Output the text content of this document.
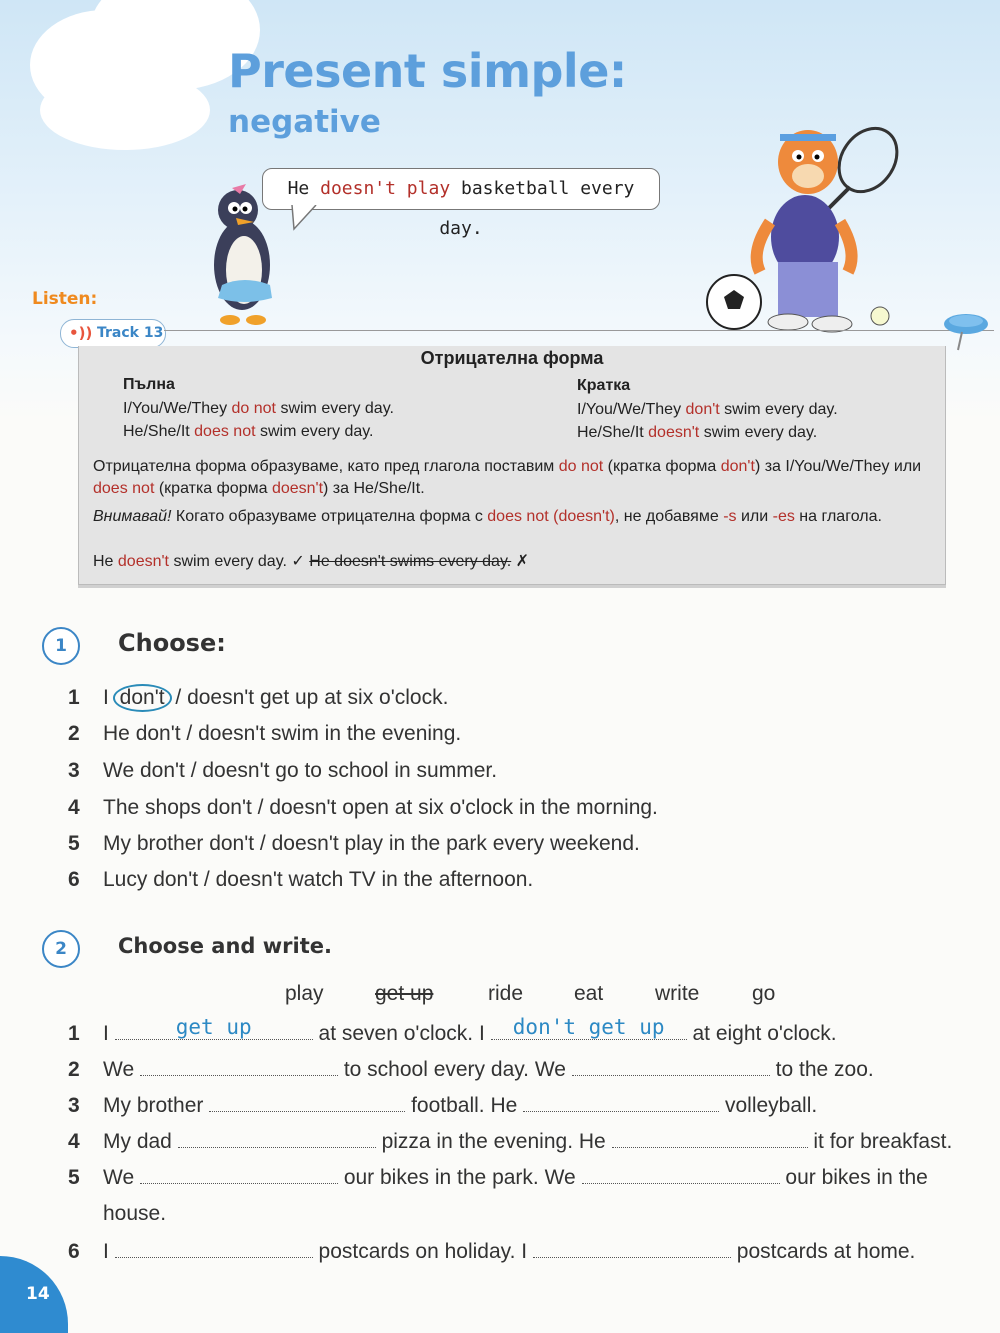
Present simple:
negative
He doesn't play basketball every day.
Listen:
•)) Track 13
Отрицателна форма
Пълна
I/You/We/They do not swim every day.
He/She/It does not swim every day.
Кратка
I/You/We/They don't swim every day.
He/She/It doesn't swim every day.
Отрицателна форма образуваме, като пред глагола поставим do not (кратка форма don't) за I/You/We/They или does not (кратка форма doesn't) за He/She/It.
Внимавай! Когато образуваме отрицателна форма с does not (doesn't), не добавяме -s или -es на глагола.
He doesn't swim every day. ✓ He doesn't swims every day. ✗
1	Choose:
1 I don't / doesn't get up at six o'clock.
2 He don't / doesn't swim in the evening.
3 We don't / doesn't go to school in summer.
4 The shops don't / doesn't open at six o'clock in the morning.
5 My brother don't / doesn't play in the park every weekend.
6 Lucy don't / doesn't watch TV in the afternoon.
2	Choose and write.
play get up	ride eat write	go
1 I	get up	at seven o'clock. I	don't get up	at eight o'clock.
2 We	to school every day. We	to the zoo.
3 My brother	football. He	volleyball.
4 My dad	pizza in the evening. He	it for breakfast.
5 We	our bikes in the park. We	our bikes in the
house.
6 I	postcards on holiday. I	postcards at home.
14
